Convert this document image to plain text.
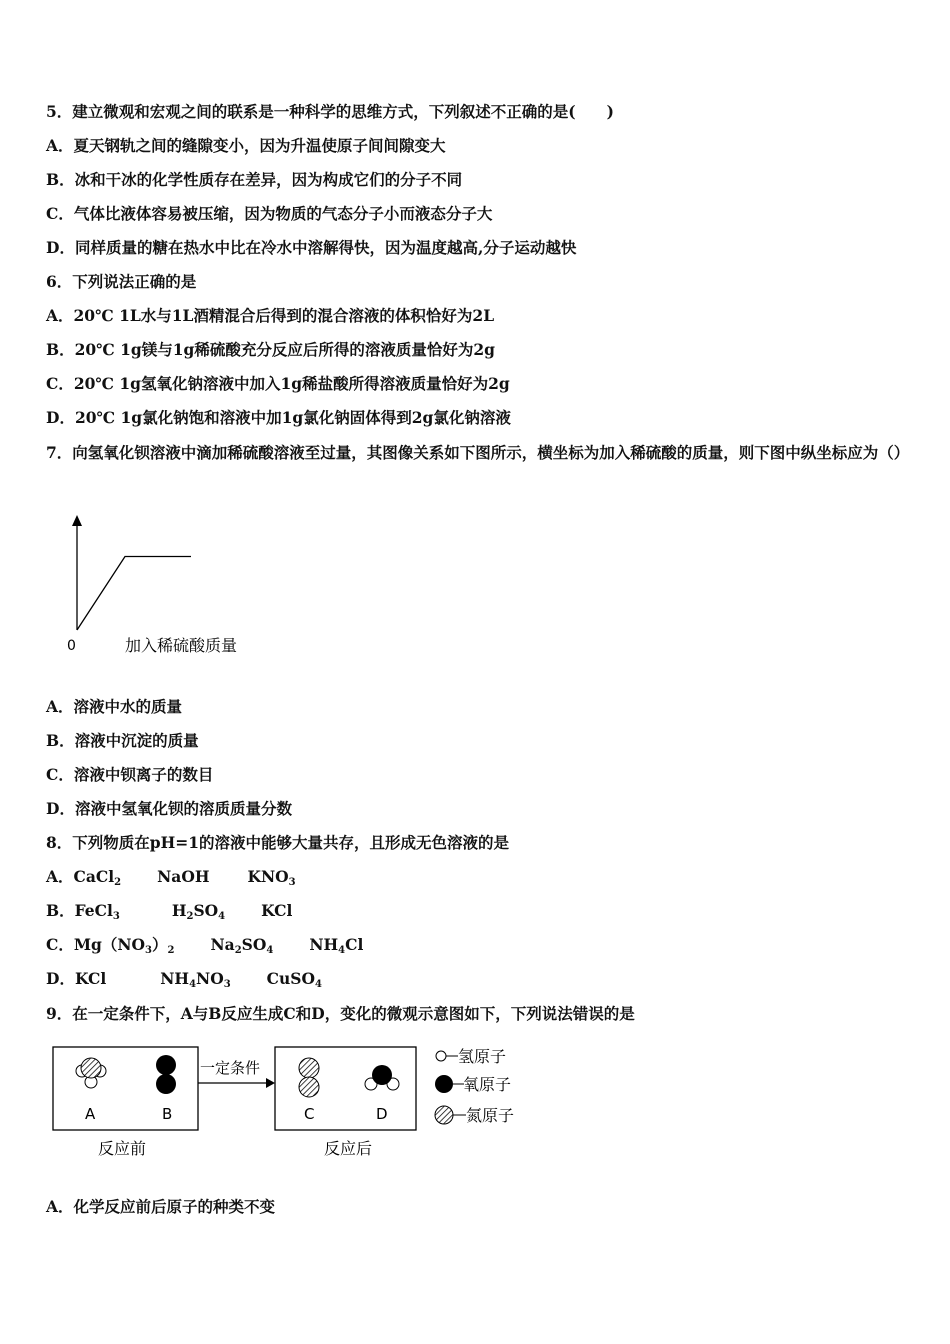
5．建立微观和宏观之间的联系是一种科学的思维方式，下列叙述不正确的是(　　)
A．夏天钢轨之间的缝隙变小，因为升温使原子间间隙变大
B．冰和干冰的化学性质存在差异，因为构成它们的分子不同
C．气体比液体容易被压缩，因为物质的气态分子小而液态分子大
D．同样质量的糖在热水中比在冷水中溶解得快，因为温度越高,分子运动越快
6．下列说法正确的是
A．20℃ 1L水与1L酒精混合后得到的混合溶液的体积恰好为2L
B．20℃ 1g镁与1g稀硫酸充分反应后所得的溶液质量恰好为2g
C．20℃ 1g氢氧化钠溶液中加入1g稀盐酸所得溶液质量恰好为2g
D．20℃ 1g氯化钠饱和溶液中加1g氯化钠固体得到2g氯化钠溶液
7．向氢氧化钡溶液中滴加稀硫酸溶液至过量，其图像关系如下图所示，横坐标为加入稀硫酸的质量，则下图中纵坐标应为（）
0	加入稀硫酸质量
A．溶液中水的质量
B．溶液中沉淀的质量
C．溶液中钡离子的数目
D．溶液中氢氧化钡的溶质质量分数
8．下列物质在pH=1的溶液中能够大量共存，且形成无色溶液的是
A．CaCl$_2$ NaOH $KNO_3$
B．FeCl$_3$	$H_2SO_4$ KCl
C．$Mg(NO_3)_2$ $Na_2SO_4$ $NH_4Cl$
D．KCl	$NH_4NO_3$ CuSO$_4$
9．在一定条件下，A与B反应生成C和D，变化的微观示意图如下，下列说法错误的是
A	B
一定条件
C	D
反应前	反应后
氢原子
氧原子
氮原子
A．化学反应前后原子的种类不变
